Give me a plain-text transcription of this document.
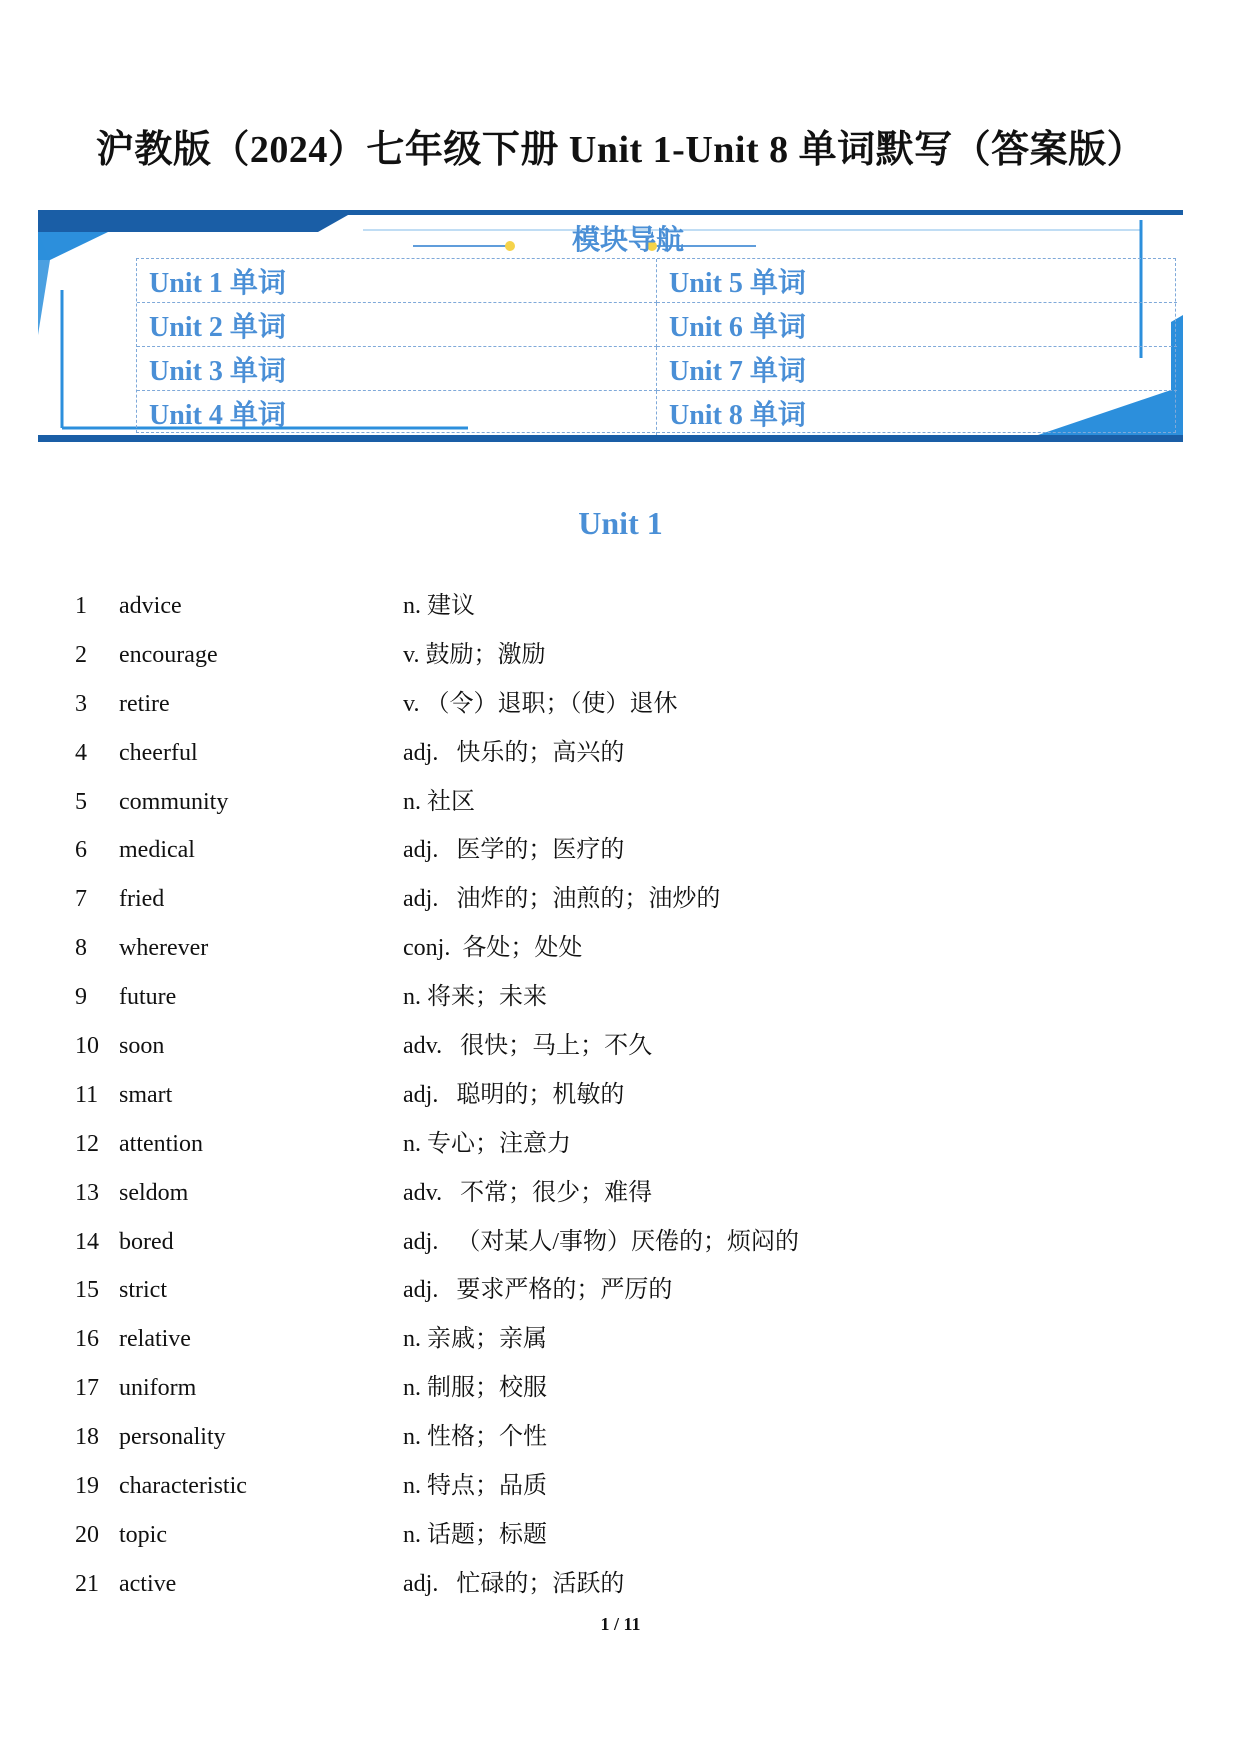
沪教版（2024）七年级下册 Unit 1-Unit 8 单词默写（答案版）
模块导航
Unit 1 单词	Unit 5 单词
Unit 2 单词	Unit 6 单词
Unit 3 单词	Unit 7 单词
Unit 4 单词	Unit 8 单词
Unit 1
1 advice	n. 建议
2 encourage	v. 鼓励；激励
3 retire	v. （令）退职；（使）退休
4 cheerful	adj.   快乐的；高兴的
5 community	n. 社区
6 medical	adj.   医学的；医疗的
7 fried	adj.   油炸的；油煎的；油炒的
8 wherever	conj.  各处；处处
9 future	n. 将来；未来
10 soon	adv.   很快；马上；不久
11 smart	adj.   聪明的；机敏的
12 attention	n. 专心；注意力
13 seldom	adv.   不常；很少；难得
14 bored	adj.   （对某人/事物）厌倦的；烦闷的
15 strict	adj.   要求严格的；严厉的
16 relative	n. 亲戚；亲属
17 uniform	n. 制服；校服
18 personality	n. 性格；个性
19 characteristic	n. 特点；品质
20 topic	n. 话题；标题
21 active	adj.   忙碌的；活跃的
1 / 11
